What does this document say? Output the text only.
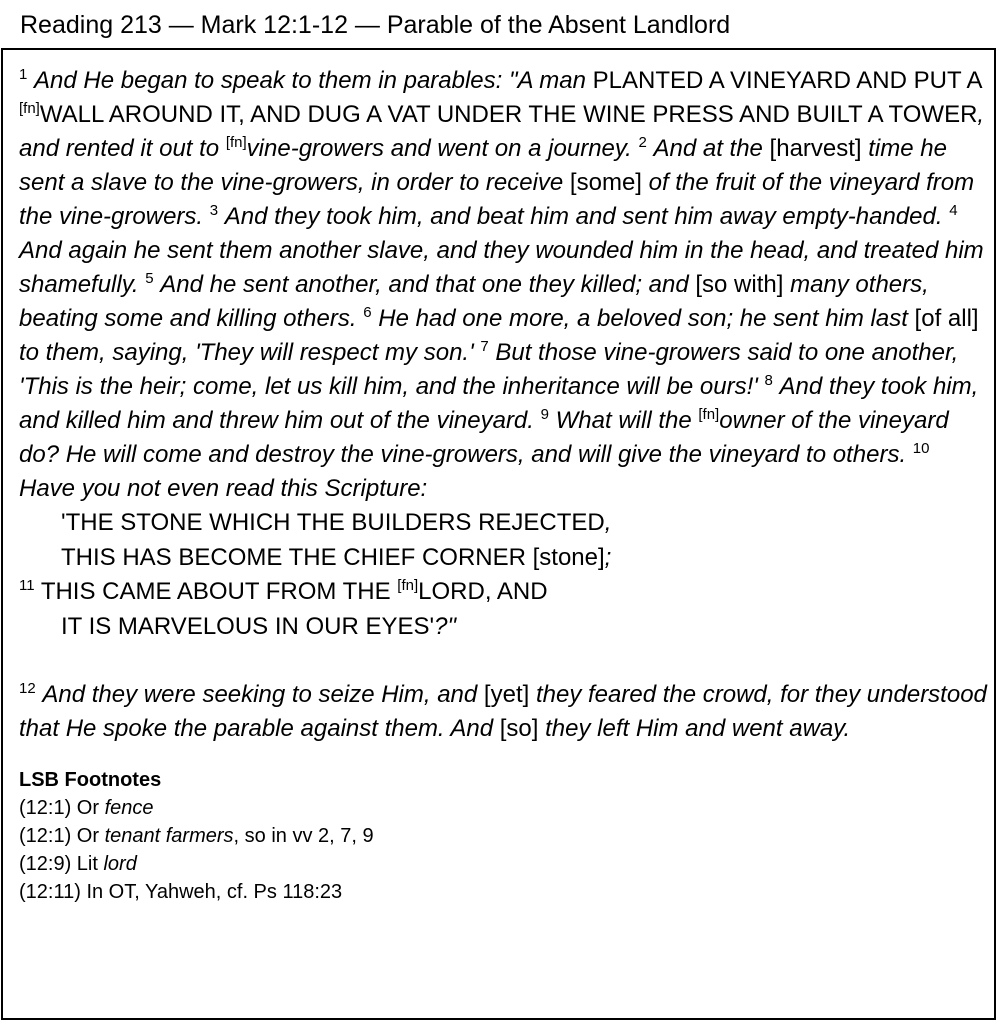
Reading 213 — Mark 12:1-12 — Parable of the Absent Landlord

$^1$ And He began to speak to them in parables: "A man PLANTED A VINEYARD AND PUT A [fn]WALL AROUND IT, AND DUG A VAT UNDER THE WINE PRESS AND BUILT A TOWER, and rented it out to [fn]vine-growers and went on a journey. $^2$ And at the [harvest] time he sent a slave to the vine-growers, in order to receive [some] of the fruit of the vineyard from the vine-growers. $^3$ And they took him, and beat him and sent him away empty-handed. $^4$ And again he sent them another slave, and they wounded him in the head, and treated him shamefully. $^5$ And he sent another, and that one they killed; and [so with] many others, beating some and killing others. $^6$ He had one more, a beloved son; he sent him last [of all] to them, saying, 'They will respect my son.' $^7$ But those vine-growers said to one another, 'This is the heir; come, let us kill him, and the inheritance will be ours!' $^8$ And they took him, and killed him and threw him out of the vineyard. $^9$ What will the [fn]owner of the vineyard do? He will come and destroy the vine-growers, and will give the vineyard to others. $^{10}$ Have you not even read this Scripture:

'THE STONE WHICH THE BUILDERS REJECTED,
THIS HAS BECOME THE CHIEF CORNER [stone];
$^{11}$ THIS CAME ABOUT FROM THE [fn]LORD, AND
IT IS MARVELOUS IN OUR EYES'?"

$^{12}$ And they were seeking to seize Him, and [yet] they feared the crowd, for they understood that He spoke the parable against them. And [so] they left Him and went away.

LSB Footnotes
(12:1) Or fence
(12:1) Or tenant farmers, so in vv 2, 7, 9
(12:9) Lit lord
(12:11) In OT, Yahweh, cf. Ps 118:23
